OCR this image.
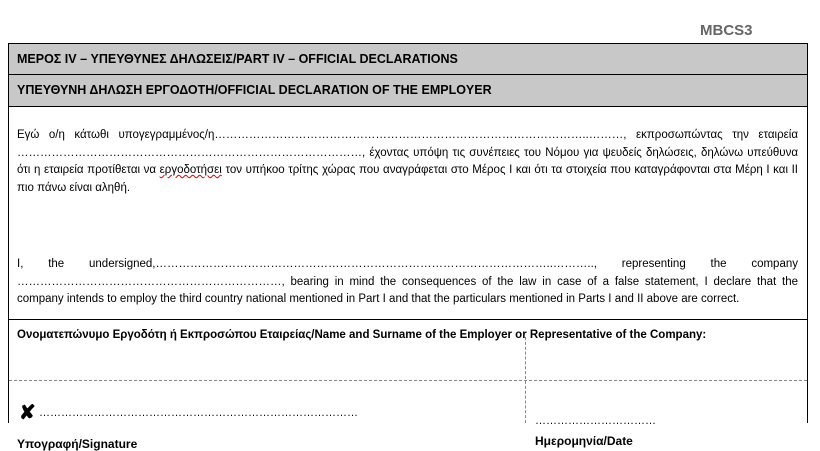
MBCS3
ΜΕΡΟΣ IV – ΥΠΕΥΘΥΝΕΣ ΔΗΛΩΣΕΙΣ/PART IV – OFFICIAL DECLARATIONS
ΥΠΕΥΘΥΝΗ ΔΗΛΩΣΗ ΕΡΓΟΔΟΤΗ/OFFICIAL DECLARATION OF THE EMPLOYER
Εγώ ο/η κάτωθι υπογεγραμμένος/η……………………………………………………………………………………..………, εκπροσωπώντας την εταιρεία ………………………………………………………………………………, έχοντας υπόψη τις συνέπειες του Νόμου για ψευδείς δηλώσεις, δηλώνω υπεύθυνα ότι η εταιρεία προτίθεται να εργοδοτήσει τον υπήκοο τρίτης χώρας που αναγράφεται στο Μέρος I και ότι τα στοιχεία που καταγράφονται στα Μέρη I και II πιο πάνω είναι αληθή.
I, the undersigned,…………………………………………………………………………………………..……….., representing the company ……………………………………………………………, bearing in mind the consequences of the law in case of a false statement, I declare that the company intends to employ the third country national mentioned in Part I and that the particulars mentioned in Parts I and II above are correct.
Ονοματεπώνυμο Εργοδότη ή Εκπροσώπου Εταιρείας/Name and Surname of the Employer or Representative of the Company:
✘ ……………………………………………………………………………
Υπογραφή/Signature
……………………………
Ημερομηνία/Date
